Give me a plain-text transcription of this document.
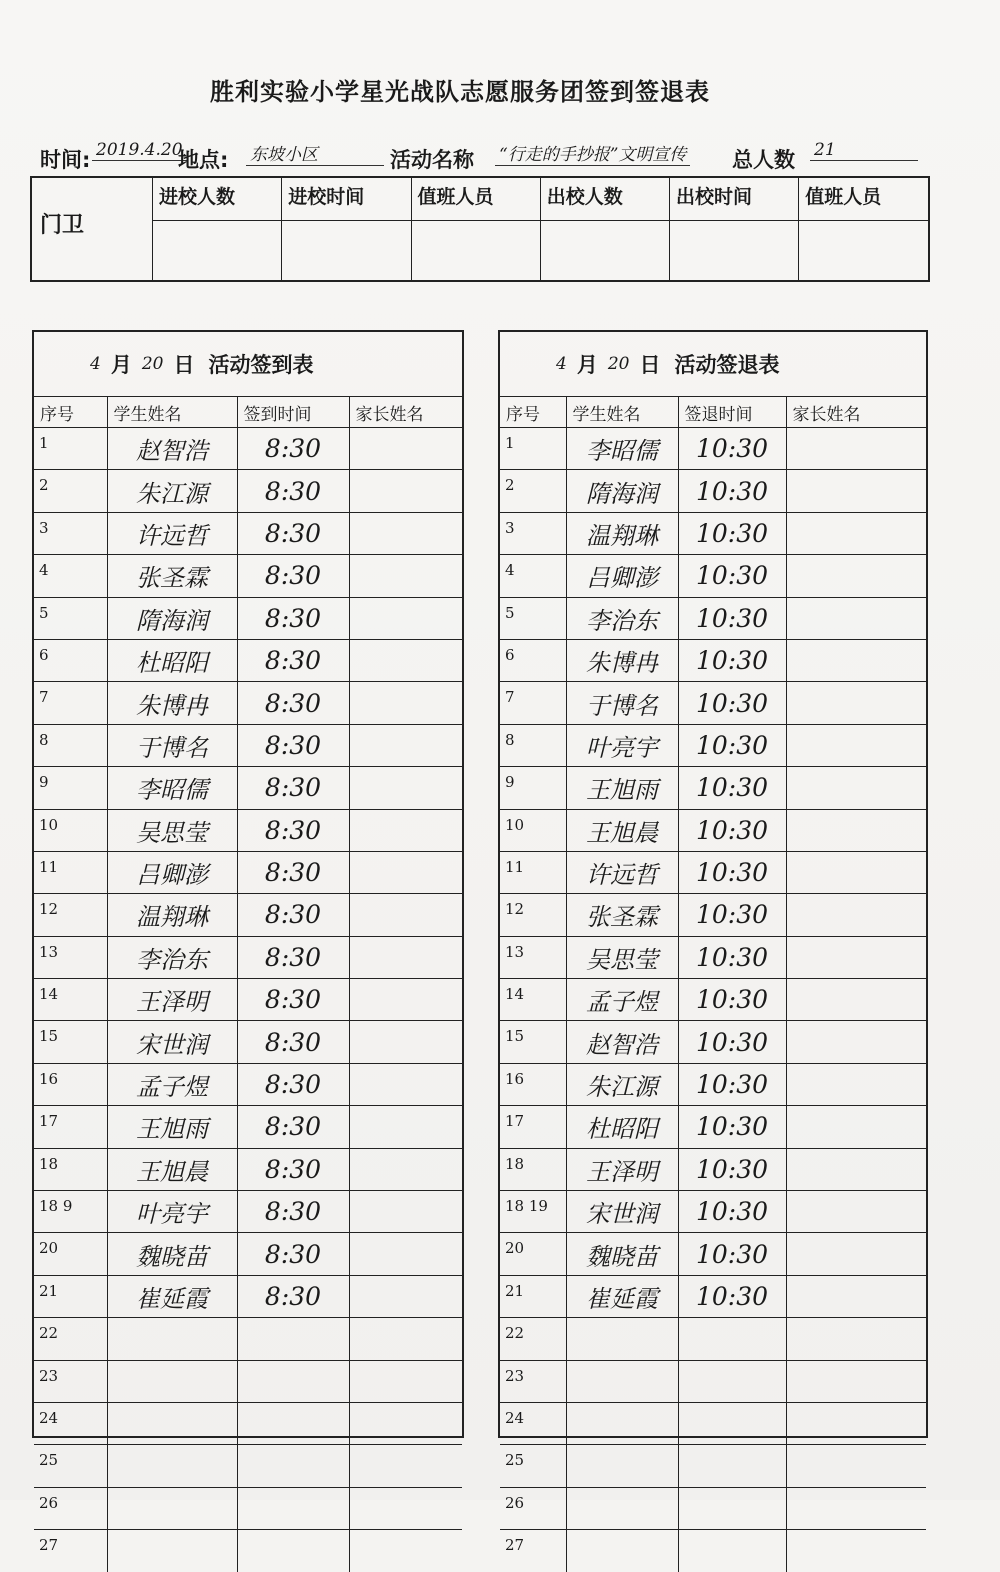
胜利实验小学星光战队志愿服务团签到签退表
时间: 2019.4.20
地点: 东坡小区	活动名称 “行走的手抄报”文明宣传 总人数 21
门卫
进校人数	进校时间	值班人员	出校人数	出校时间	值班人员

4 月 20 日 活动签到表
序号	学生姓名	签到时间	家长姓名
1	赵智浩	8:30	
2	朱江源	8:30	
3	许远哲	8:30	
4	张圣霖	8:30	
5	隋海润	8:30	
6	杜昭阳	8:30	
7	朱博冉	8:30	
8	于博名	8:30	
9	李昭儒	8:30	
10	吴思莹	8:30	
11	吕卿澎	8:30	
12	温翔琳	8:30	
13	李治东	8:30	
14	王泽明	8:30	
15	宋世润	8:30	
16	孟子煜	8:30	
17	王旭雨	8:30	
18	王旭晨	8:30	
18 9	叶亮宇	8:30	
20	魏晓苗	8:30	
21	崔延霞	8:30	
22			
23			
24			
25			
26			
27			
4 月 20 日 活动签退表
序号	学生姓名	签退时间	家长姓名
1	李昭儒	10:30	
2	隋海润	10:30	
3	温翔琳	10:30	
4	吕卿澎	10:30	
5	李治东	10:30	
6	朱博冉	10:30	
7	于博名	10:30	
8	叶亮宇	10:30	
9	王旭雨	10:30	
10	王旭晨	10:30	
11	许远哲	10:30	
12	张圣霖	10:30	
13	吴思莹	10:30	
14	孟子煜	10:30	
15	赵智浩	10:30	
16	朱江源	10:30	
17	杜昭阳	10:30	
18	王泽明	10:30	
18 19	宋世润	10:30	
20	魏晓苗	10:30	
21	崔延霞	10:30	
22			
23			
24			
25			
26			
27			
